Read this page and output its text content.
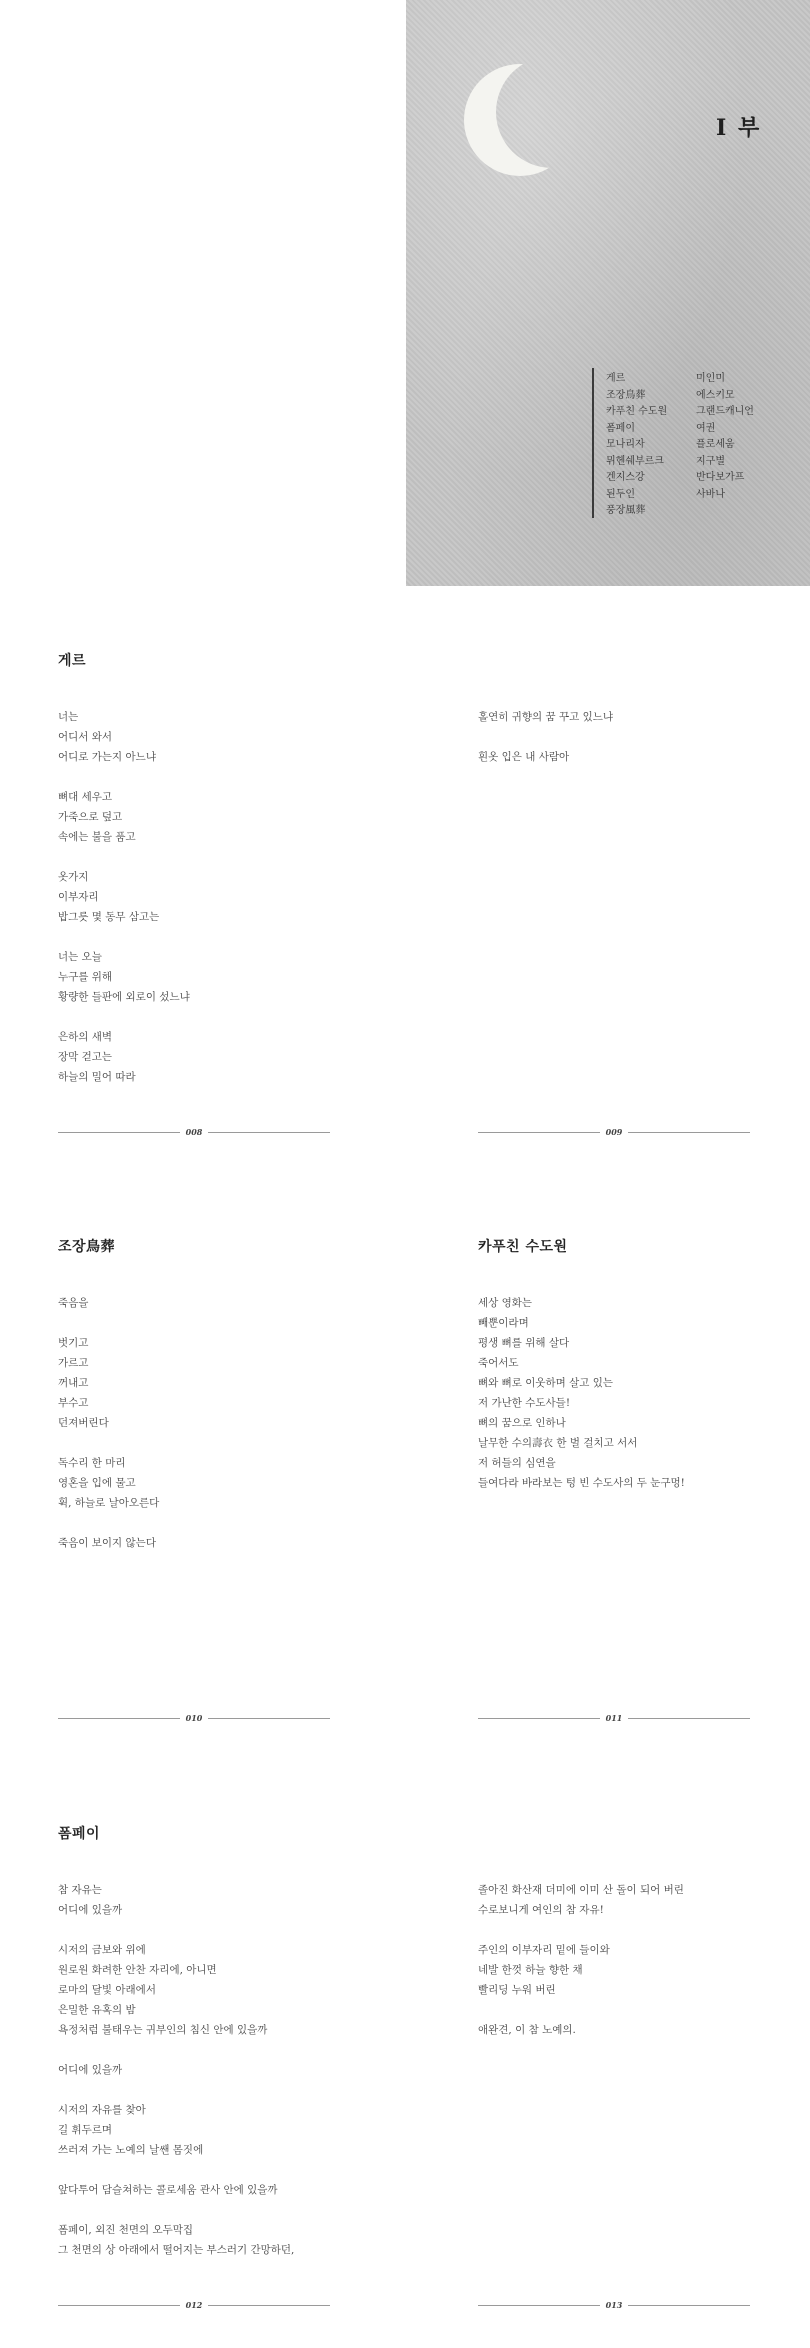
I 부
게르
조장鳥葬
카푸친 수도원
폼페이
모나리자
뮈헨쉐부르크
겐지스강
된두인
풍장風葬
미인미
에스키모
그랜드캐니언
여권
플로세움
지구별
반다보가프
사바나
게르
너는
어디서 와서
어디로 가는지 아느냐
뼈대 세우고
가죽으로 덮고
속에는 불을 품고
옷가지
이부자리
밥그릇 몇 동무 삼고는
너는 오늘
누구를 위해
황량한 들판에 외로이 섰느냐
은하의 새벽
장막 걷고는
하늘의 밀어 따라
008
홀연히 귀향의 꿈 꾸고 있느냐
흰옷 입은 내 사람아
009
조장鳥葬
죽음을
벗기고
가르고
꺼내고
부수고
던져버린다
독수리 한 마리
영혼을 입에 물고
휙, 하늘로 날아오른다
죽음이 보이지 않는다
010
카푸친 수도원
세상 영화는
빼뿐이라며
평생 뼈를 위해 살다
죽어서도
뼈와 뼈로 이웃하며 살고 있는
저 가난한 수도사들!
뼈의 꿈으로 인하나
날무한 수의壽衣 한 벌 걸치고 서서
저 허들의 심연을
들여다라 바라보는 텅 빈 수도사의 두 눈구멍!
011
폼페이
참 자유는
어디에 있을까
시저의 금보와 위에
원로원 화려한 안찬 자리에, 아니면
로마의 달빛 아래에서
은밀한 유혹의 밤
욕정처럼 불태우는 귀부인의 침신 안에 있을까
어디에 있을까
시저의 자유를 찾아
길 휘두르며
쓰러져 가는 노예의 날쌘 몸짓에
앞다투어 담슬쳐하는 콜로세움 관사 안에 있을까
폼페이, 외진 천면의 오두막집
그 천면의 상 아래에서 떨어지는 부스러기 간망하던,
012
졸아진 화산재 더미에 이미 산 돌이 되어 버린
수로보니게 여인의 참 자유!
주인의 이부자리 밑에 들이와
네발 한껏 하늘 향한 채
빨리딩 누워 버린
애완견, 이 참 노예의.
013
